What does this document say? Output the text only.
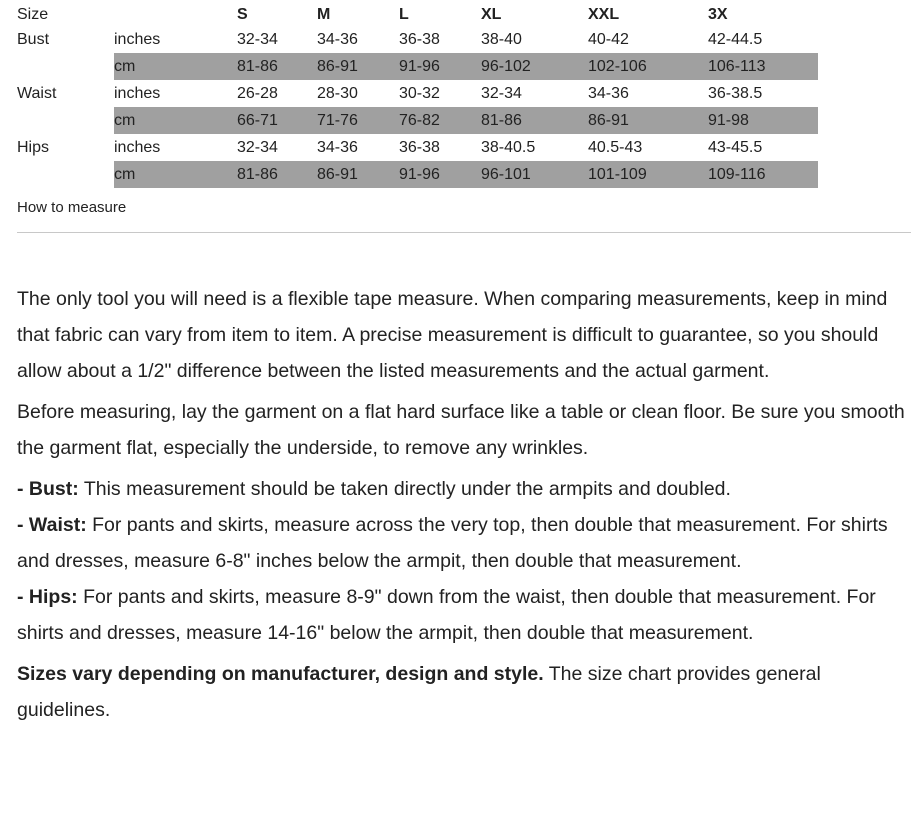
Size		S	M	L	XL	XXL	3X
Bust	inches	32-34	34-36	36-38	38-40	40-42	42-44.5
	cm	81-86	86-91	91-96	96-102	102-106	106-113
Waist	inches	26-28	28-30	30-32	32-34	34-36	36-38.5
	cm	66-71	71-76	76-82	81-86	86-91	91-98
Hips	inches	32-34	34-36	36-38	38-40.5	40.5-43	43-45.5
	cm	81-86	86-91	91-96	96-101	101-109	109-116
How to measure

The only tool you will need is a flexible tape measure. When comparing measurements, keep in mind that fabric can vary from item to item. A precise measurement is difficult to guarantee, so you should allow about a 1/2" difference between the listed measurements and the actual garment.

Before measuring, lay the garment on a flat hard surface like a table or clean floor. Be sure you smooth the garment flat, especially the underside, to remove any wrinkles.

- Bust: This measurement should be taken directly under the armpits and doubled.

- Waist: For pants and skirts, measure across the very top, then double that measurement. For shirts and dresses, measure 6-8" inches below the armpit, then double that measurement.

- Hips: For pants and skirts, measure 8-9" down from the waist, then double that measurement. For shirts and dresses, measure 14-16" below the armpit, then double that measurement.

Sizes vary depending on manufacturer, design and style. The size chart provides general guidelines.
